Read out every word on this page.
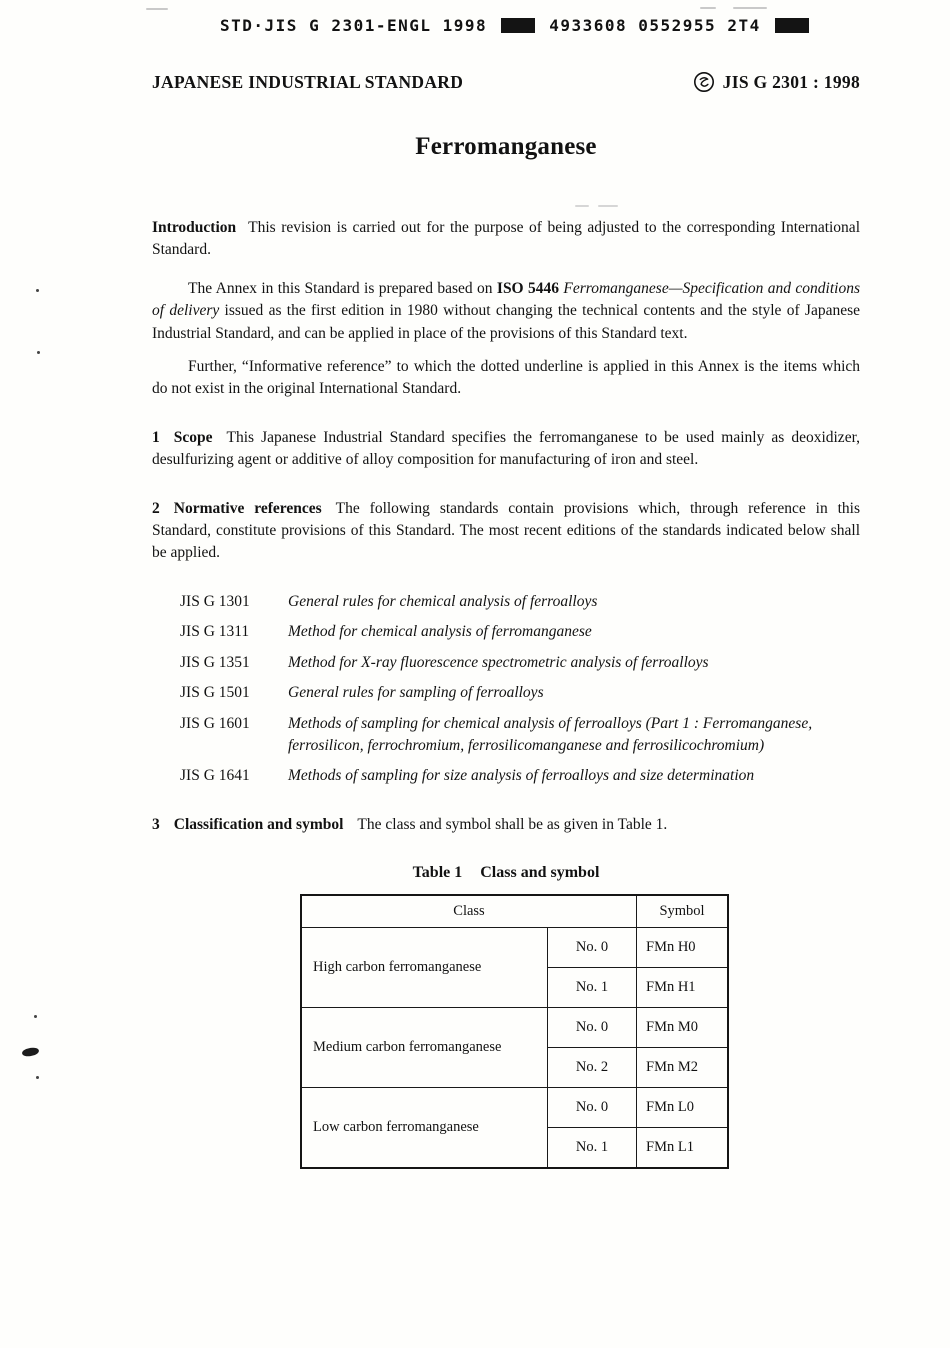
STD·JIS G 2301-ENGL 1998	4933608 0552955 2T4
JAPANESE INDUSTRIAL STANDARD	JIS G 2301 : 1998
Ferromanganese

Introduction This revision is carried out for the purpose of being adjusted to the corresponding International Standard.

The Annex in this Standard is prepared based on ISO 5446 Ferromanganese—Specification and conditions of delivery issued as the first edition in 1980 without changing the technical contents and the style of Japanese Industrial Standard, and can be applied in place of the provisions of this Standard text.

Further, “Informative reference” to which the dotted underline is applied in this Annex is the items which do not exist in the original International Standard.

1 Scope This Japanese Industrial Standard specifies the ferromanganese to be used mainly as deoxidizer, desulfurizing agent or additive of alloy composition for manufacturing of iron and steel.

2 Normative references The following standards contain provisions which, through reference in this Standard, constitute provisions of this Standard. The most recent editions of the standards indicated below shall be applied.

JIS G 1301	General rules for chemical analysis of ferroalloys
JIS G 1311	Method for chemical analysis of ferromanganese
JIS G 1351	Method for X-ray fluorescence spectrometric analysis of ferroalloys
JIS G 1501	General rules for sampling of ferroalloys
JIS G 1601	Methods of sampling for chemical analysis of ferroalloys (Part 1 : Ferromanganese, ferrosilicon, ferrochromium, ferrosilicomanganese and ferrosilicochromium)
JIS G 1641	Methods of sampling for size analysis of ferroalloys and size determination

3 Classification and symbol The class and symbol shall be as given in Table 1.

Table 1 Class and symbol
Class		Symbol
High carbon ferromanganese	No. 0	FMn H0
	No. 1	FMn H1
Medium carbon ferromanganese	No. 0	FMn M0
	No. 2	FMn M2
Low carbon ferromanganese	No. 0	FMn L0
	No. 1	FMn L1
